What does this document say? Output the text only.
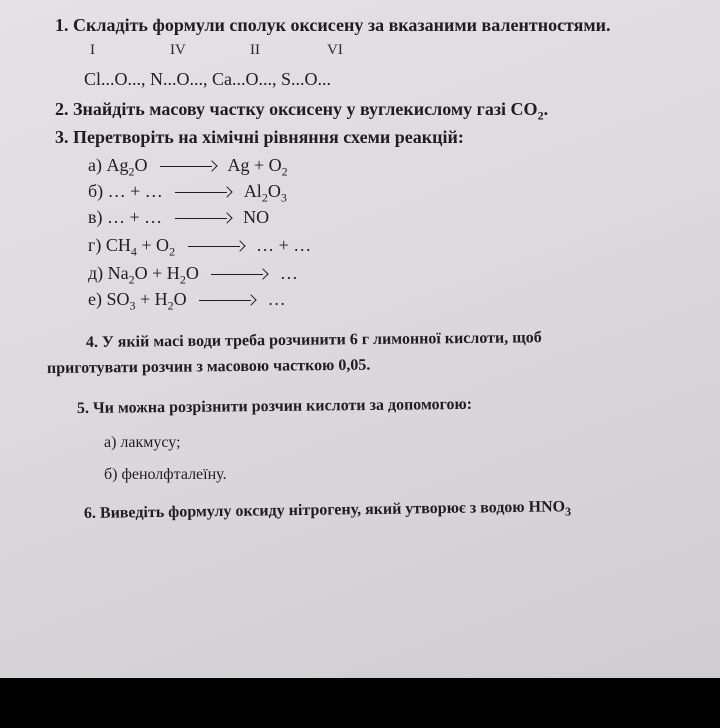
1. Складіть формули сполук оксисену за вказаними валентностями.
I	IV	II	VI
Cl...O..., N...O..., Ca...O..., S...O...
2. Знайдіть масову частку оксисену у вуглекислому газі $CO_2$.
3. Перетворіть на хімічні рівняння схеми реакцій:
а) $Ag_2O$	$Ag + O_2$
б) … + …	$Al_2O_3$
в) … + …	NO
г) $CH_4 + O_2$	… + …
д) $Na_2O + H_2O$	…
е) $SO_3 + H_2O$	…
4. У якій масі води треба розчинити 6 г лимонної кислоти, щоб
приготувати розчин з масовою часткою 0,05.
5. Чи можна розрізнити розчин кислоти за допомогою:
а) лакмусу;
б) фенолфталеїну.
6. Виведіть формулу оксиду нітрогену, який утворює з водою $HNO_3$
